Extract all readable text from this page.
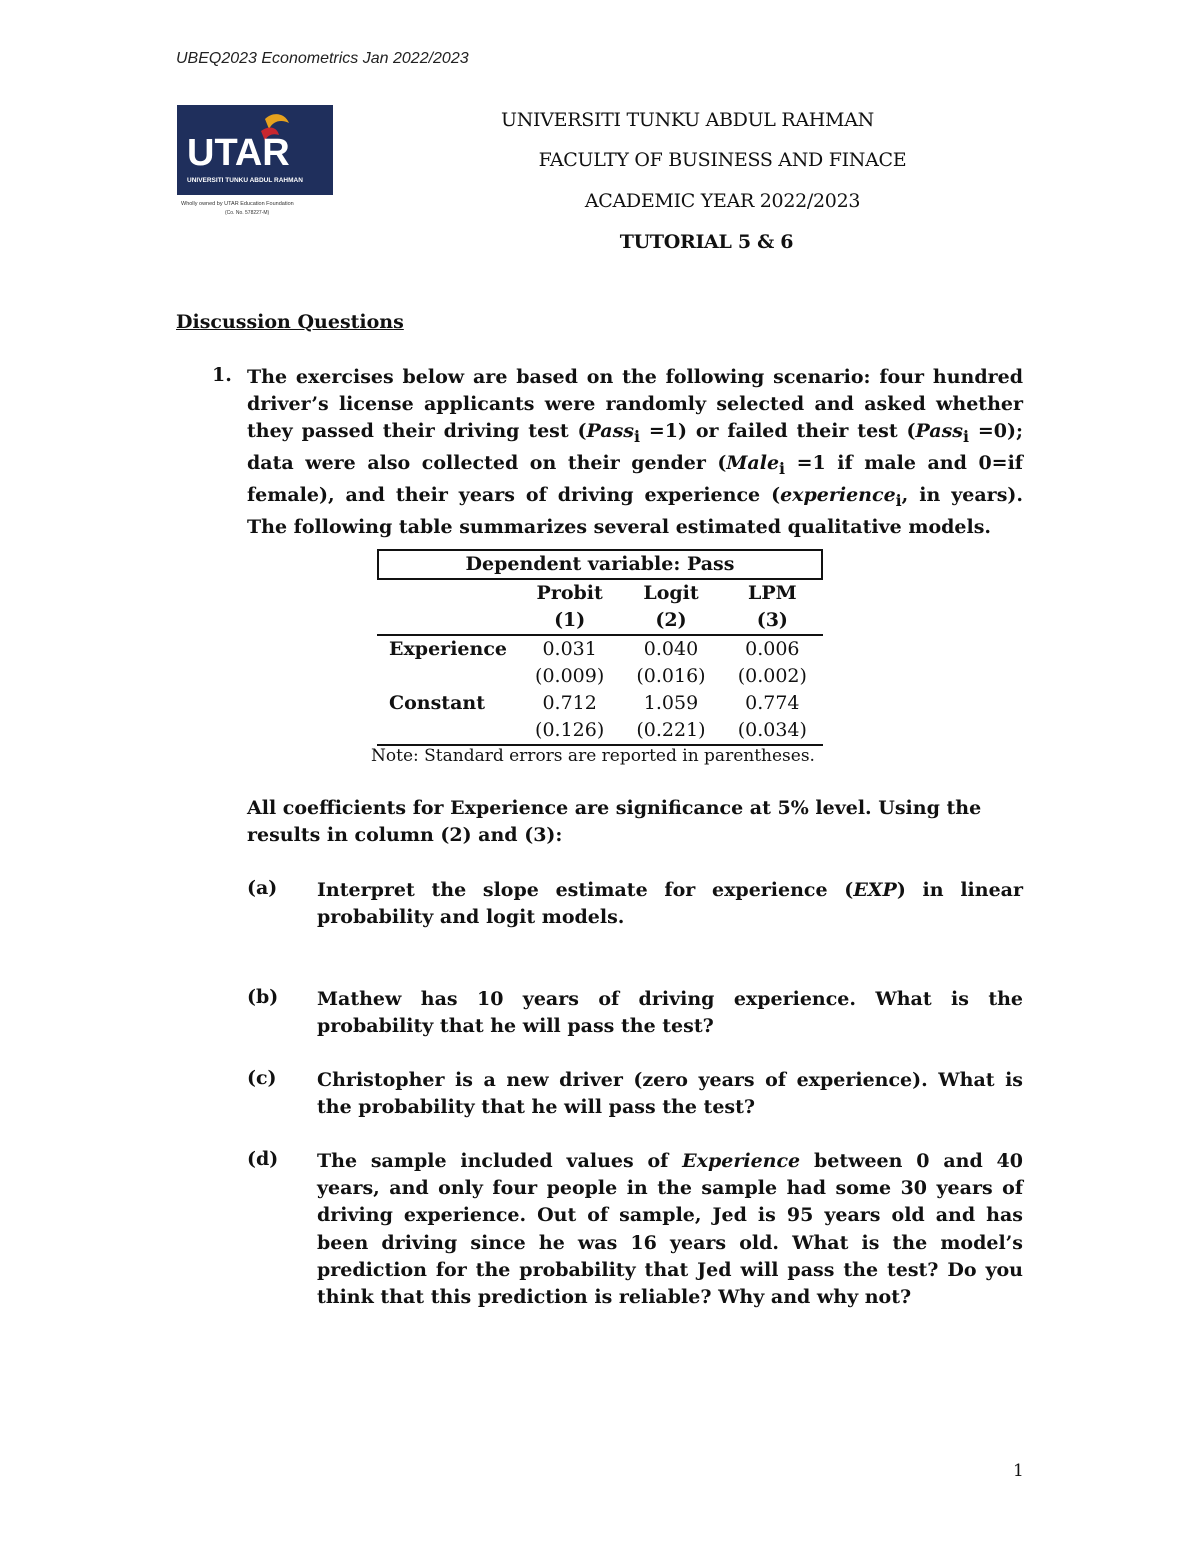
UBEQ2023 Econometrics Jan 2022/2023
UTAR
UNIVERSITI TUNKU ABDUL RAHMAN
Wholly owned by UTAR Education Foundation
(Co. No. 578227-M)
UNIVERSITI TUNKU ABDUL RAHMAN
FACULTY OF BUSINESS AND FINACE
ACADEMIC YEAR 2022/2023
TUTORIAL 5 & 6
Discussion Questions
1. The exercises below are based on the following scenario: four hundred driver’s license applicants were randomly selected and asked whether they passed their driving test (Pass$_i$ =1) or failed their test (Pass$_i$ =0); data were also collected on their gender (Male$_i$ =1 if male and 0=if female), and their years of driving experience (experience$_i$, in years). The following table summarizes several estimated qualitative models.
Dependent variable: Pass
	Probit	Logit	LPM
	(1)	(2)	(3)
Experience	0.031	0.040	0.006
	(0.009)	(0.016)	(0.002)
Constant	0.712	1.059	0.774
	(0.126)	(0.221)	(0.034)
Note: Standard errors are reported in parentheses.
All coefficients for Experience are significance at 5% level. Using the results in column (2) and (3):
(a) Interpret the slope estimate for experience (EXP) in linear probability and logit models.
(b) Mathew has 10 years of driving experience. What is the probability that he will pass the test?
(c) Christopher is a new driver (zero years of experience). What is the probability that he will pass the test?
(d) The sample included values of Experience between 0 and 40 years, and only four people in the sample had some 30 years of driving experience. Out of sample, Jed is 95 years old and has been driving since he was 16 years old. What is the model’s prediction for the probability that Jed will pass the test? Do you think that this prediction is reliable? Why and why not?
1
